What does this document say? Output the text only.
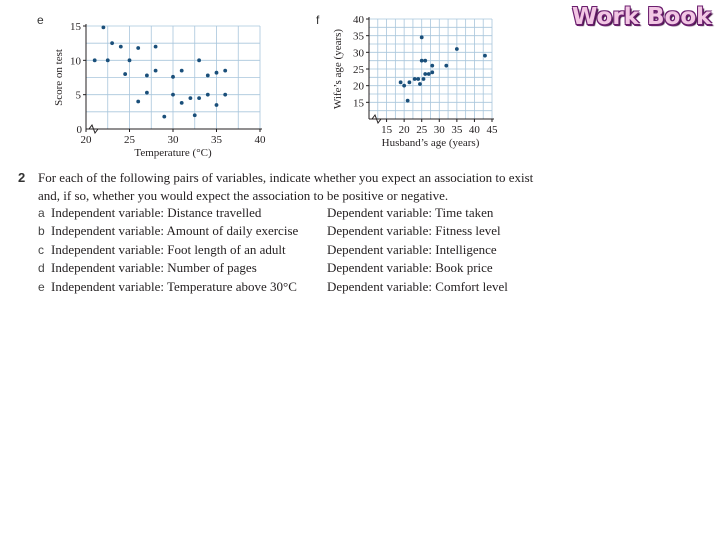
e
20	25	30	35	40
5
10
15
0
Temperature (°C)
Score on test
f
15 20 25 30 35 40 45
15
20
25
30
35
40
Husband’s age (years)
Wife’s age (years)
Work Book
2 For each of the following pairs of variables, indicate whether you expect an association to exist
and, if so, whether you would expect the association to be positive or negative.
a Independent variable: Distance travelled	Dependent variable: Time taken
b Independent variable: Amount of daily exercise Dependent variable: Fitness level
c Independent variable: Foot length of an adult	Dependent variable: Intelligence
d Independent variable: Number of pages	Dependent variable: Book price
e Independent variable: Temperature above 30°C Dependent variable: Comfort level
